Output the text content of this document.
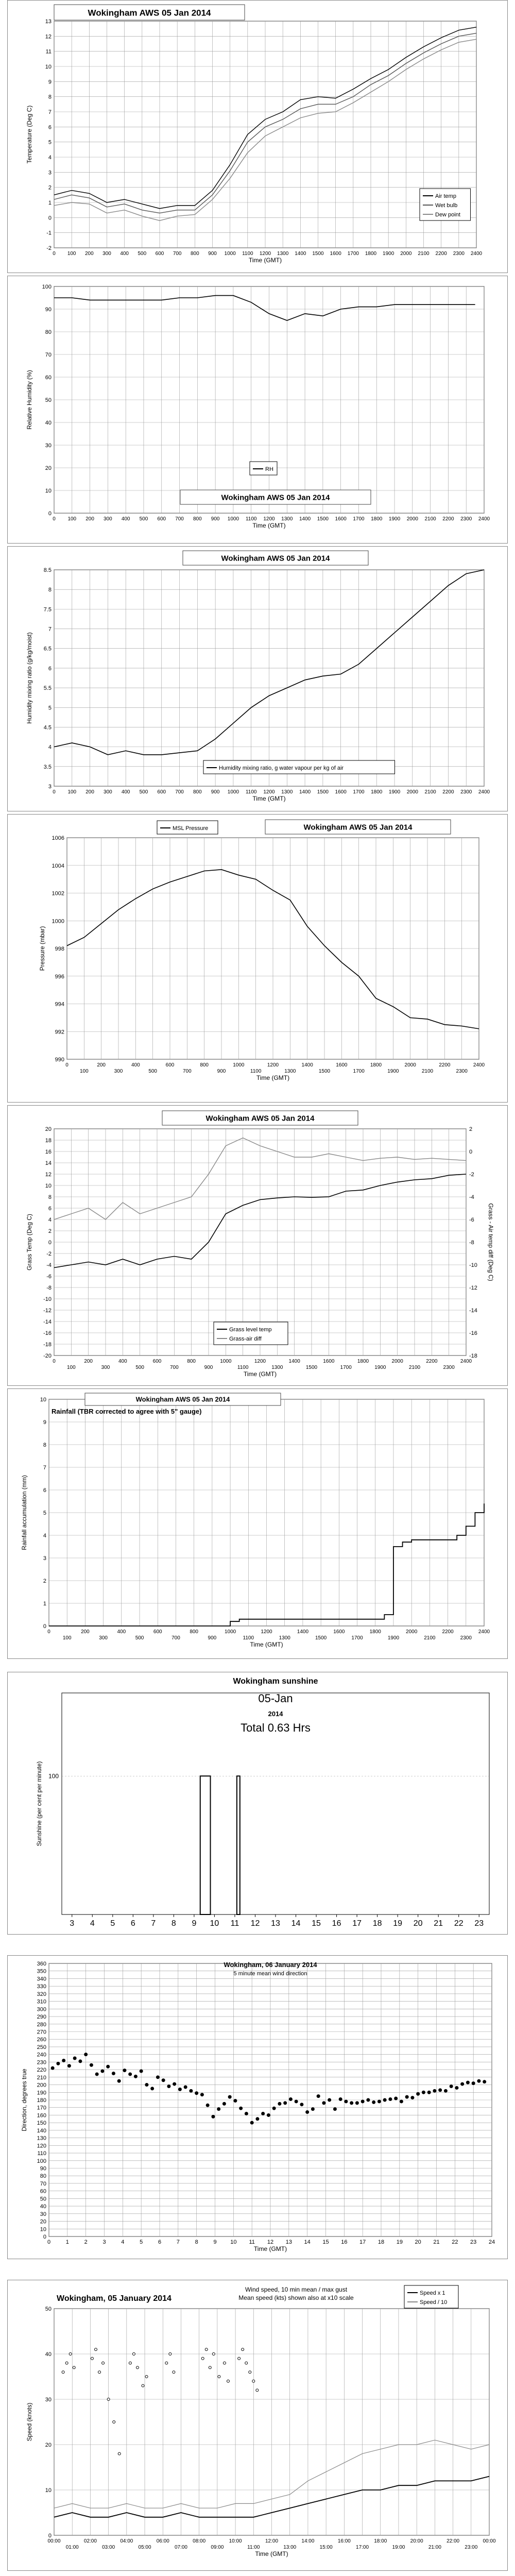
-2
-1
0
1
2
3
4
5
6
7
8
9
10
11
12
13
0 100 200 300 400 500 600 700 800 900 1000 1100 1200 1300 1400 1500 1600 1700 1800 1900 2000 2100 2200 2300 2400
Time (GMT)
Temperature (Deg C)
Wokingham AWS 05 Jan 2014
Air temp
Wet bulb
Dew point
0
10
20
30
40
50
60
70
80
90
100
0 100 200 300 400 500 600 700 800 900 1000 1100 1200 1300 1400 1500 1600 1700 1800 1900 2000 2100 2200 2300 2400
Time (GMT)
Relative Humidity (%)
RH
Wokingham AWS 05 Jan 2014
3
3.5
4
4.5
5
5.5
6
6.5
7
7.5
8
8.5
0 100 200 300 400 500 600 700 800 900 1000 1100 1200 1300 1400 1500 1600 1700 1800 1900 2000 2100 2200 2300 2400
Time (GMT)
Humidity mixing ratio (g/kg/moist)
Wokingham AWS 05 Jan 2014
Humidity mixing ratio, g water vapour per kg of air
990
992
994
996
998
1000
1002
1004
1006
0
100
200
300
400
500
600
700
800
900
1000
1100
1200
1300
1400
1500
1600
1700
1800
1900
2000
2100
2200
2300
2400
Time (GMT)
Pressure (mbar)
MSL Pressure	Wokingham AWS 05 Jan 2014
-20
-18
-16
-14
-12
-10
-8
-6
-4
-2
0
2
4
6
8
10
12
14
16
18
20
-18
-16
-14
-12
-10
-8
-6
-4
-2
0
2
0
100
200
300
400
500
600
700
800
900
1000
1100
1200
1300
1400
1500
1600
1700
1800
1900
2000
2100
2200
2300
2400
Time (GMT)
Grass Temp (Deg C)	Grass - Air temp diff (Deg C)
Wokingham AWS 05 Jan 2014
Grass level temp
Grass-air diff
0
1
2
3
4
5
6
7
8
9
10
0
100
200
300
400
500
600
700
800
900
1000
1100
1200
1300
1400
1500
1600
1700
1800
1900
2000
2100
2200
2300
2400
Time (GMT)
Rainfall accumulation (mm)
Wokingham AWS 05 Jan 2014
Rainfall (TBR corrected to agree with 5" gauge)
100
3 4 5 6 7 8 9 10 11 12 13 14 15 16 17 18 19 20 21 22 23
Sunshine (per cent per minute)
Wokingham sunshine
05-Jan
2014
Total 0.63 Hrs
0
10
20
30
40
50
60
70
80
90
100
110
120
130
140
150
160
170
180
190
200
210
220
230
240
250
260
270
280
290
300
310
320
330
340
350
360
0	1	2	3	4	5	6	7	8	9 10 11 12 13 14 15 16 17 18 19 20 21 22 23 24
Time (GMT)
Direction, degrees true
Wokingham, 06 January 2014
5 minute mean wind direction
0
10
20
30
40
50
00:00
01:00
02:00
03:00
04:00
05:00
06:00
07:00
08:00
09:00
10:00
11:00
12:00
13:00
14:00
15:00
16:00
17:00
18:00
19:00
20:00
21:00
22:00
23:00
00:00
Time (GMT)
Speed (knots)
Wokingham, 05 January 2014
Wind speed, 10 min mean / max gust
Mean speed (kts) shown also at x10 scale
Speed x 1
Speed / 10
